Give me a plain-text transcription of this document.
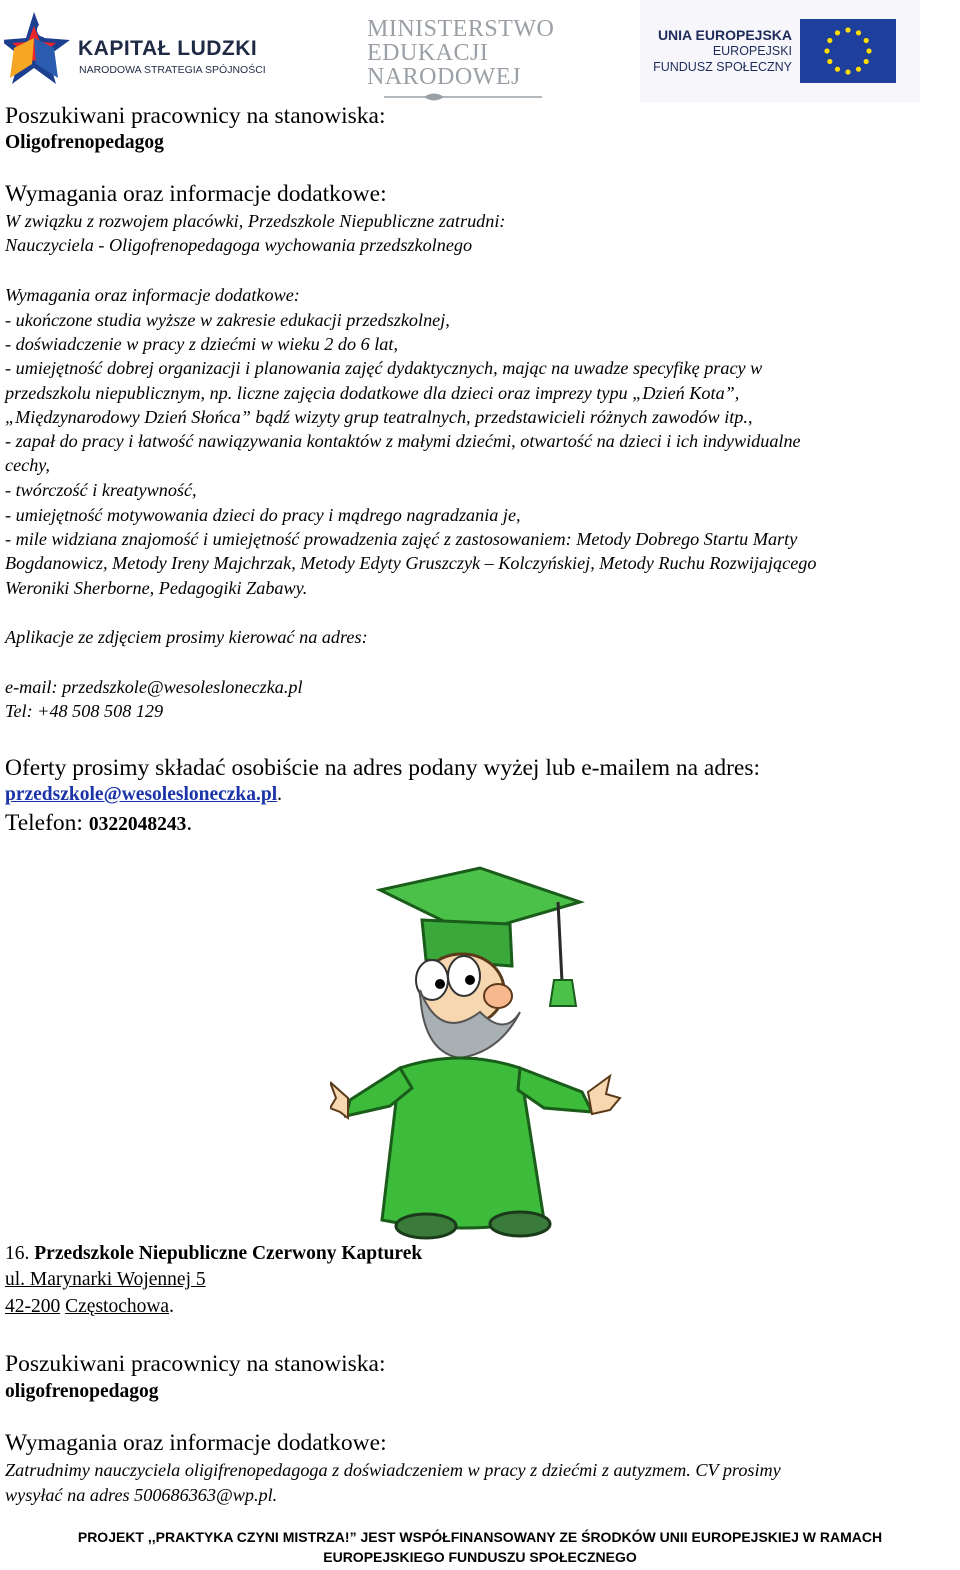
KAPITAŁ LUDZKI
NARODOWA STRATEGIA SPÓJNOŚCI
MINISTERSTWO
EDUKACJI
NARODOWEJ
UNIA EUROPEJSKA
EUROPEJSKI
FUNDUSZ SPOŁECZNY
Poszukiwani pracownicy na stanowiska:
Oligofrenopedagog
Wymagania oraz informacje dodatkowe:
W związku z rozwojem placówki, Przedszkole Niepubliczne zatrudni:
Nauczyciela - Oligofrenopedagoga wychowania przedszkolnego
Wymagania oraz informacje dodatkowe:
- ukończone studia wyższe w zakresie edukacji przedszkolnej,
- doświadczenie w pracy z dziećmi w wieku 2 do 6 lat,
- umiejętność dobrej organizacji i planowania zajęć dydaktycznych, mając na uwadze specyfikę pracy w
przedszkolu niepublicznym, np. liczne zajęcia dodatkowe dla dzieci oraz imprezy typu „Dzień Kota”,
„Międzynarodowy Dzień Słońca” bądź wizyty grup teatralnych, przedstawicieli różnych zawodów itp.,
- zapał do pracy i łatwość nawiązywania kontaktów z małymi dziećmi, otwartość na dzieci i ich indywidualne
cechy,
- twórczość i kreatywność,
- umiejętność motywowania dzieci do pracy i mądrego nagradzania je,
- mile widziana znajomość i umiejętność prowadzenia zajęć z zastosowaniem: Metody Dobrego Startu Marty
Bogdanowicz, Metody Ireny Majchrzak, Metody Edyty Gruszczyk – Kolczyńskiej, Metody Ruchu Rozwijającego
Weroniki Sherborne, Pedagogiki Zabawy.
Aplikacje ze zdjęciem prosimy kierować na adres:
e-mail: przedszkole@wesolesloneczka.pl
Tel: +48 508 508 129
Oferty prosimy składać osobiście na adres podany wyżej lub e-mailem na adres:
przedszkole@wesolesloneczka.pl.
Telefon: 0322048243.
16. Przedszkole Niepubliczne Czerwony Kapturek
ul. Marynarki Wojennej 5
42-200 Częstochowa.
Poszukiwani pracownicy na stanowiska:
oligofrenopedagog
Wymagania oraz informacje dodatkowe:
Zatrudnimy nauczyciela oligifrenopedagoga z doświadczeniem w pracy z dziećmi z autyzmem. CV prosimy
wysyłać na adres 500686363@wp.pl.
PROJEKT ,,PRAKTYKA CZYNI MISTRZA!” JEST WSPÓŁFINANSOWANY ZE ŚRODKÓW UNII EUROPEJSKIEJ W RAMACH
EUROPEJSKIEGO FUNDUSZU SPOŁECZNEGO
